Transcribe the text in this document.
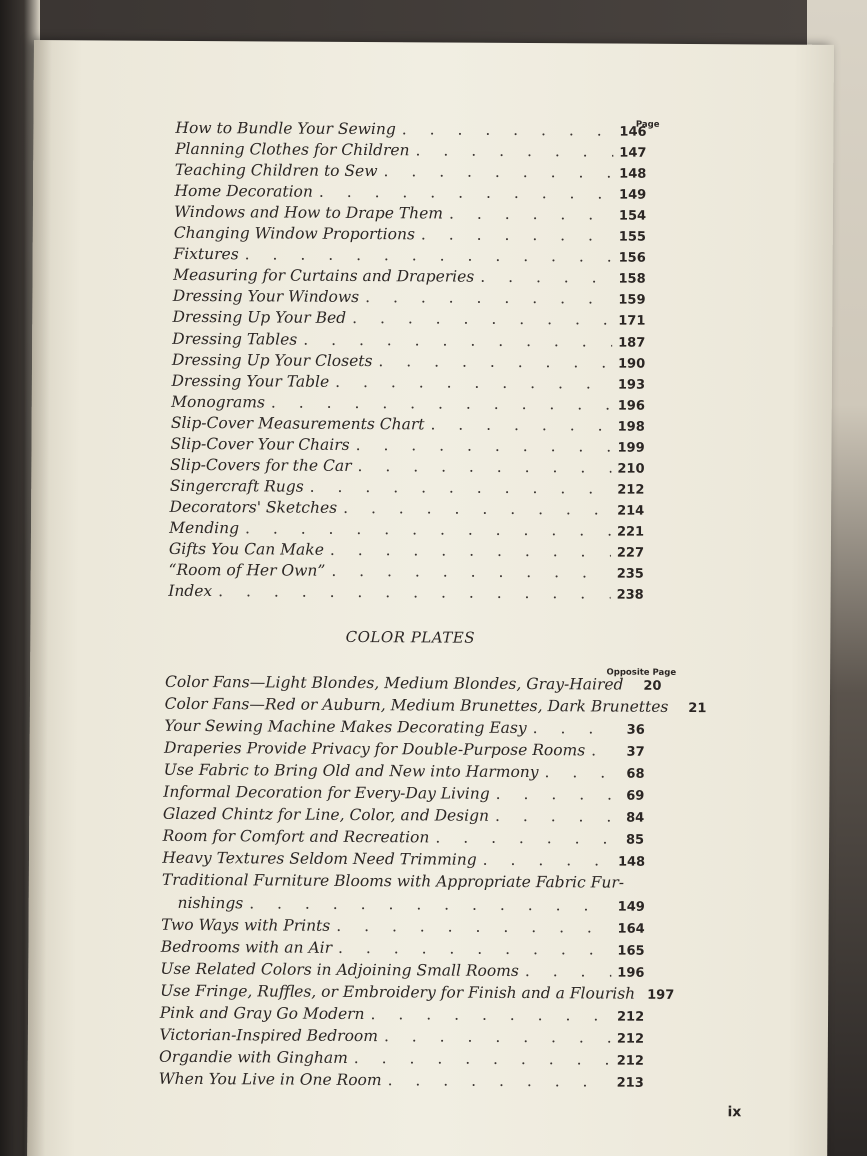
Page
How to Bundle Your Sewing . . .	146
Planning Clothes for Children . . .	147
Teaching Children to Sew . . .	148
Home Decoration . . .	149
Windows and How to Drape Them . . .	154
Changing Window Proportions . . .	155
Fixtures . . .	156
Measuring for Curtains and Draperies . . .	158
Dressing Your Windows . . .	159
Dressing Up Your Bed . . .	171
Dressing Tables . . .	187
Dressing Up Your Closets . . .	190
Dressing Your Table . . .	193
Monograms . . .	196
Slip-Cover Measurements Chart . . .	198
Slip-Cover Your Chairs . . .	199
Slip-Covers for the Car . . .	210
Singercraft Rugs . . .	212
Decorators' Sketches . . .	214
Mending . . .	221
Gifts You Can Make . . .	227
“Room of Her Own” . . .	235
Index . . .	238
COLOR PLATES
Opposite Page
Color Fans—Light Blondes, Medium Blondes, Gray-Haired . . .	20
Color Fans—Red or Auburn, Medium Brunettes, Dark Brunettes . . .	21
Your Sewing Machine Makes Decorating Easy . . .	36
Draperies Provide Privacy for Double-Purpose Rooms . . .	37
Use Fabric to Bring Old and New into Harmony . . .	68
Informal Decoration for Every-Day Living . . .	69
Glazed Chintz for Line, Color, and Design . . .	84
Room for Comfort and Recreation . . .	85
Heavy Textures Seldom Need Trimming . . .	148
Traditional Furniture Blooms with Appropriate Fabric Fur-
nishings . . .	149
Two Ways with Prints . . .	164
Bedrooms with an Air . . .	165
Use Related Colors in Adjoining Small Rooms . . .	196
Use Fringe, Ruffles, or Embroidery for Finish and a Flourish . . . 197
Pink and Gray Go Modern . . .	212
Victorian-Inspired Bedroom . . .	212
Organdie with Gingham . . .	212
When You Live in One Room . . .	213
ix
